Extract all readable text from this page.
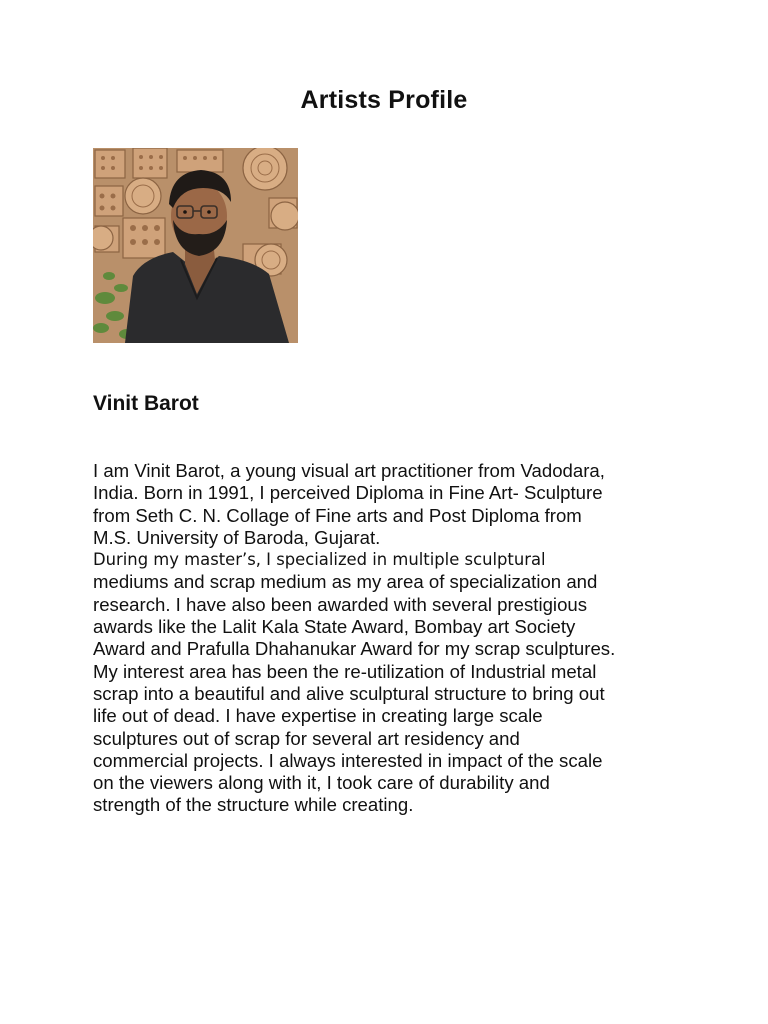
Artists Profile
Vinit Barot
I am Vinit Barot, a young visual art practitioner from Vadodara,
India. Born in 1991, I perceived Diploma in Fine Art- Sculpture
from Seth C. N. Collage of Fine arts and Post Diploma from
M.S. University of Baroda, Gujarat.
During my master’s, I specialized in multiple sculptural
mediums and scrap medium as my area of specialization and
research. I have also been awarded with several prestigious
awards like the Lalit Kala State Award, Bombay art Society
Award and Prafulla Dhahanukar Award for my scrap sculptures.
My interest area has been the re-utilization of Industrial metal
scrap into a beautiful and alive sculptural structure to bring out
life out of dead. I have expertise in creating large scale
sculptures out of scrap for several art residency and
commercial projects. I always interested in impact of the scale
on the viewers along with it, I took care of durability and
strength of the structure while creating.
